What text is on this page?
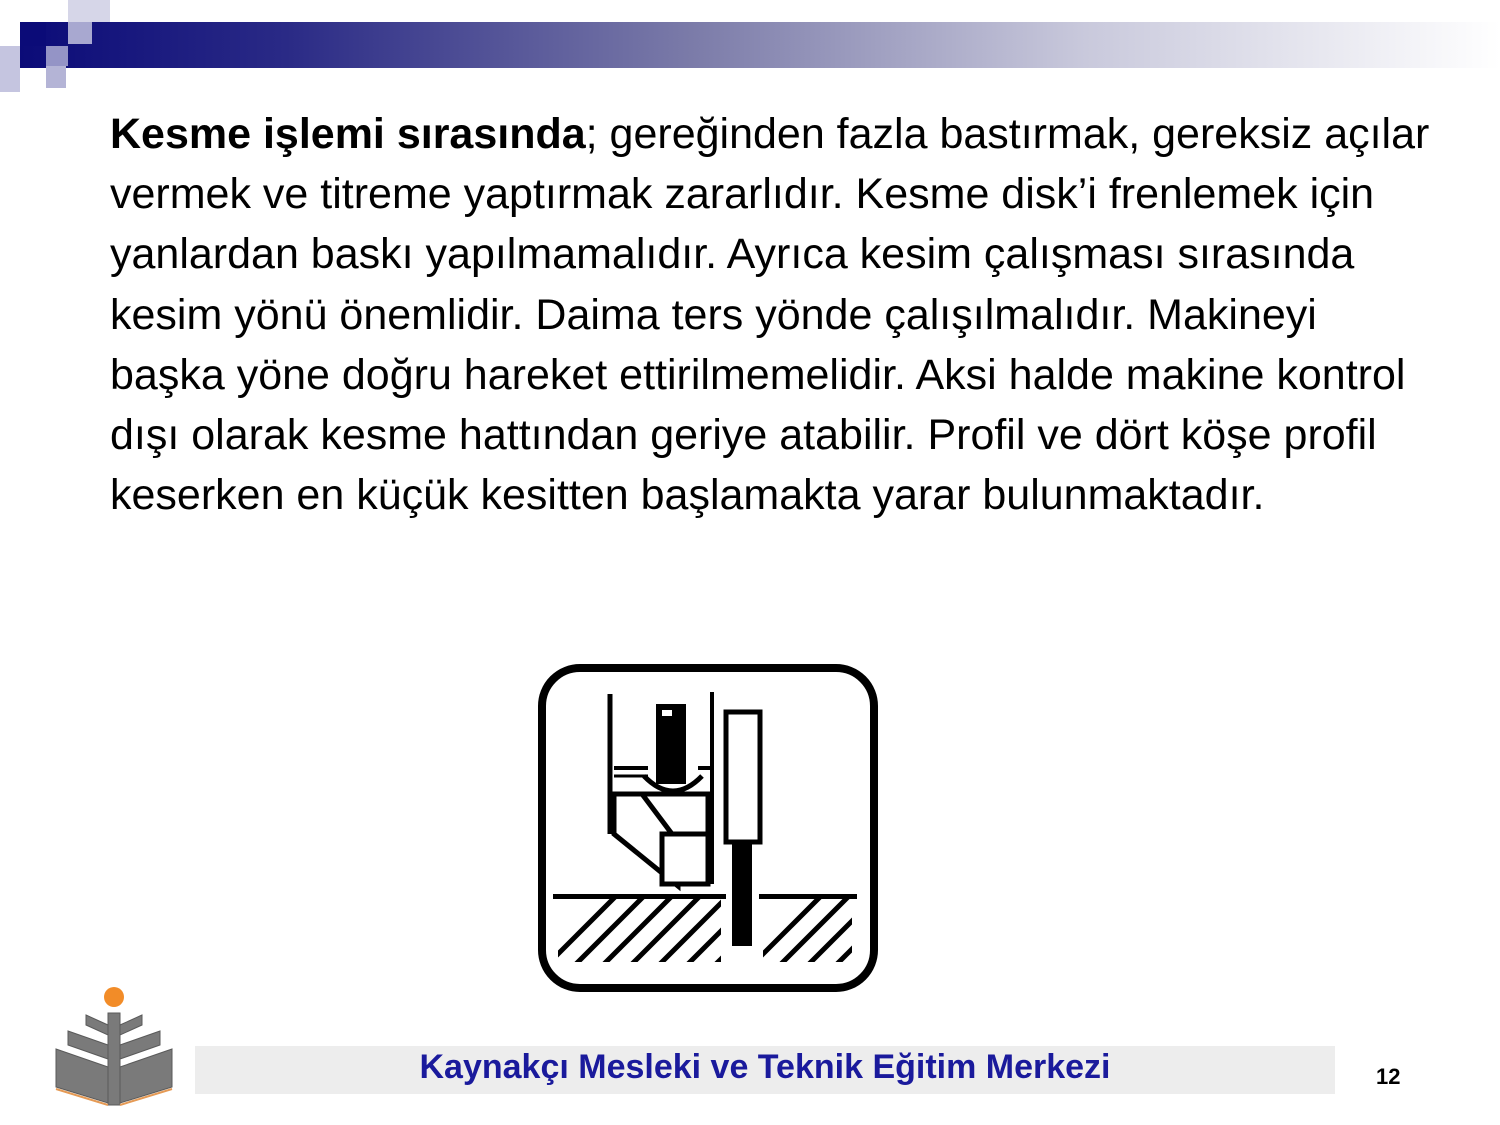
Kesme işlemi sırasında; gereğinden fazla bastırmak, gereksiz açılar vermek ve titreme yaptırmak zararlıdır. Kesme disk’i frenlemek için yanlardan baskı yapılmamalıdır. Ayrıca kesim çalışması sırasında kesim yönü önemlidir. Daima ters yönde çalışılmalıdır. Makineyi başka yöne doğru hareket ettirilmemelidir. Aksi halde makine kontrol dışı olarak kesme hattından geriye atabilir. Profil ve dört köşe profil keserken en küçük kesitten başlamakta yarar bulunmaktadır.

Kaynakçı Mesleki ve Teknik Eğitim Merkezi	12
